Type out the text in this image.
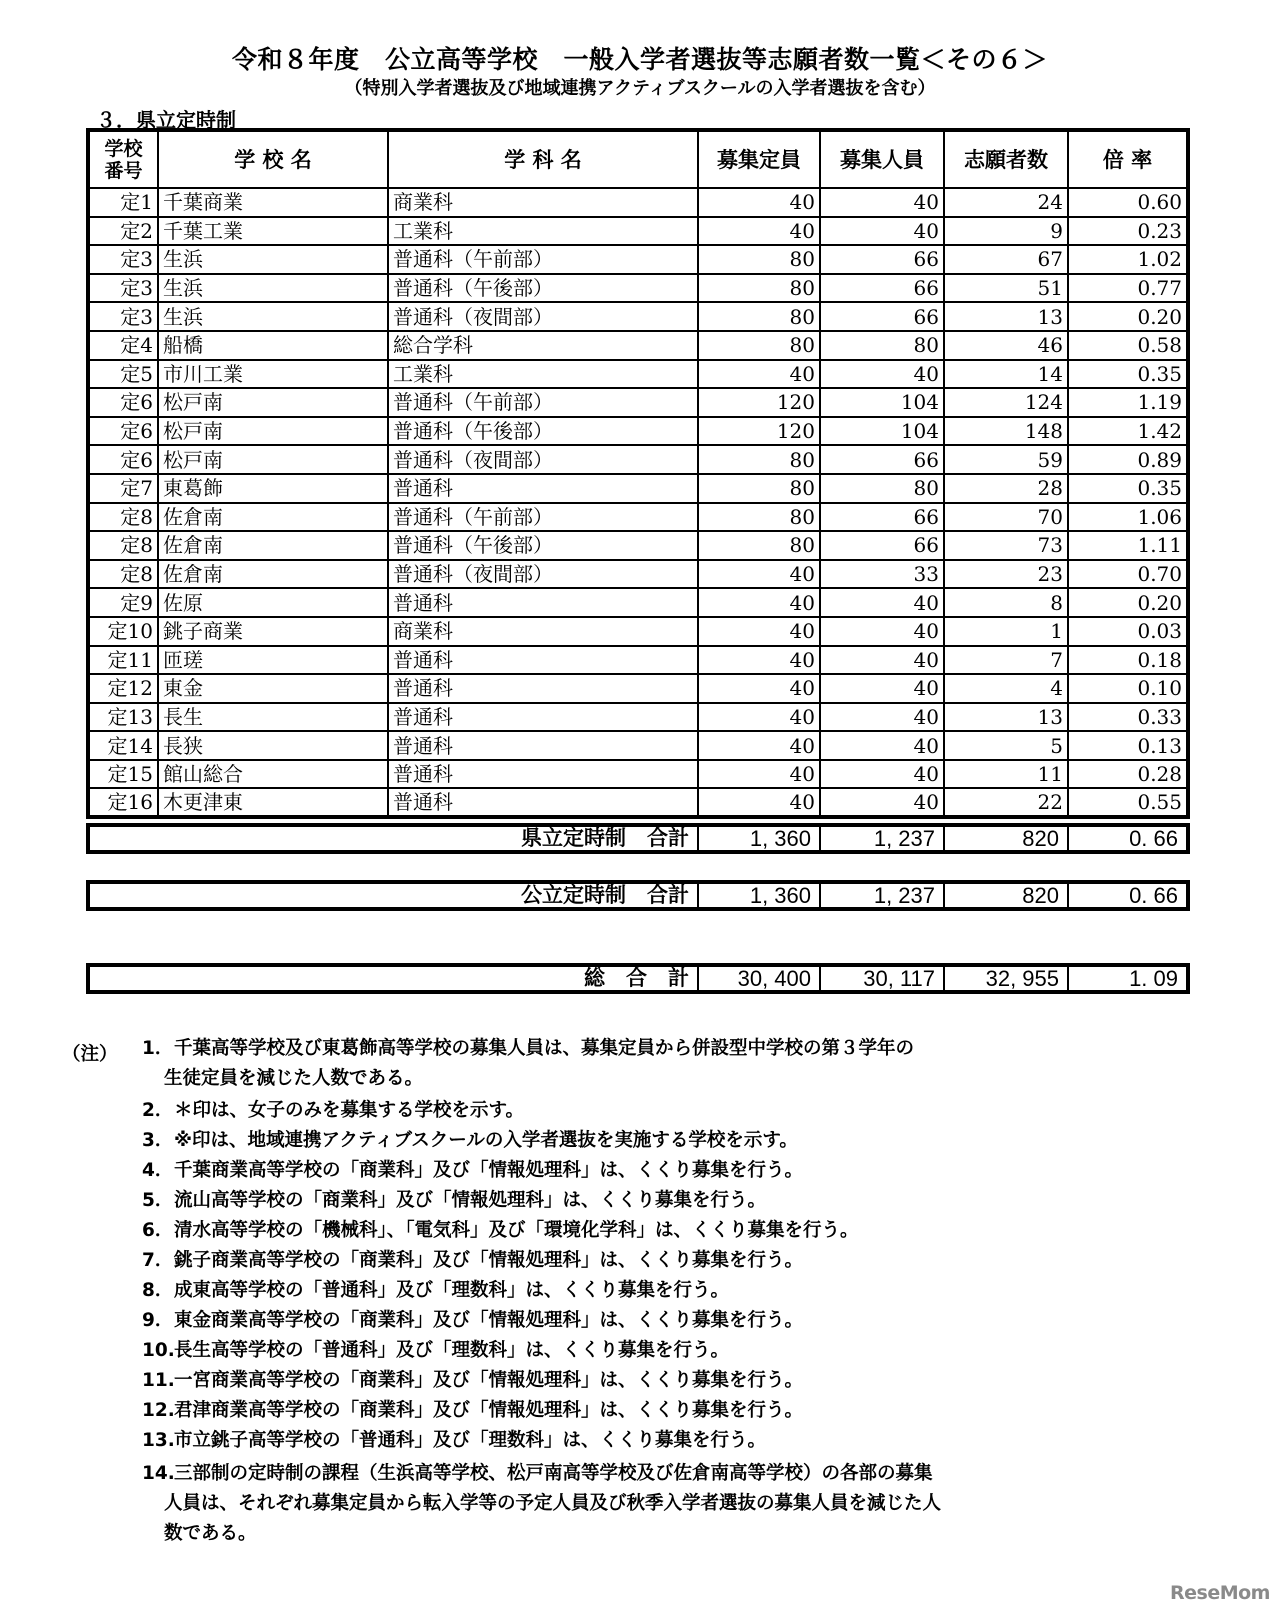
令和８年度　公立高等学校　一般入学者選抜等志願者数一覧＜その６＞
（特別入学者選抜及び地域連携アクティブスクールの入学者選抜を含む）
３．県立定時制
学校
番号	学 校 名	学 科 名	募集定員	募集人員	志願者数	倍 率
定1	千葉商業	商業科	40	40	24	0.60
定2	千葉工業	工業科	40	40	9	0.23
定3	生浜	普通科（午前部）	80	66	67	1.02
定3	生浜	普通科（午後部）	80	66	51	0.77
定3	生浜	普通科（夜間部）	80	66	13	0.20
定4	船橋	総合学科	80	80	46	0.58
定5	市川工業	工業科	40	40	14	0.35
定6	松戸南	普通科（午前部）	120	104	124	1.19
定6	松戸南	普通科（午後部）	120	104	148	1.42
定6	松戸南	普通科（夜間部）	80	66	59	0.89
定7	東葛飾	普通科	80	80	28	0.35
定8	佐倉南	普通科（午前部）	80	66	70	1.06
定8	佐倉南	普通科（午後部）	80	66	73	1.11
定8	佐倉南	普通科（夜間部）	40	33	23	0.70
定9	佐原	普通科	40	40	8	0.20
定10	銚子商業	商業科	40	40	1	0.03
定11	匝瑳	普通科	40	40	7	0.18
定12	東金	普通科	40	40	4	0.10
定13	長生	普通科	40	40	13	0.33
定14	長狭	普通科	40	40	5	0.13
定15	館山総合	普通科	40	40	11	0.28
定16	木更津東	普通科	40	40	22	0.55
県立定時制　合計	1, 360	1, 237	820	0. 66
公立定時制　合計	1, 360	1, 237	820	0. 66
総　合　計	30, 400	30, 117	32, 955	1. 09
（注） 1．千葉高等学校及び東葛飾高等学校の募集人員は、募集定員から併設型中学校の第３学年の
生徒定員を減じた人数である。
2．＊印は、女子のみを募集する学校を示す。
3．※印は、地域連携アクティブスクールの入学者選抜を実施する学校を示す。
4．千葉商業高等学校の「商業科」及び「情報処理科」は、くくり募集を行う。
5．流山高等学校の「商業科」及び「情報処理科」は、くくり募集を行う。
6．清水高等学校の「機械科」、「電気科」及び「環境化学科」は、くくり募集を行う。
7．銚子商業高等学校の「商業科」及び「情報処理科」は、くくり募集を行う。
8．成東高等学校の「普通科」及び「理数科」は、くくり募集を行う。
9．東金商業高等学校の「商業科」及び「情報処理科」は、くくり募集を行う。
10.長生高等学校の「普通科」及び「理数科」は、くくり募集を行う。
11.一宮商業高等学校の「商業科」及び「情報処理科」は、くくり募集を行う。
12.君津商業高等学校の「商業科」及び「情報処理科」は、くくり募集を行う。
13.市立銚子高等学校の「普通科」及び「理数科」は、くくり募集を行う。
14.三部制の定時制の課程（生浜高等学校、松戸南高等学校及び佐倉南高等学校）の各部の募集
人員は、それぞれ募集定員から転入学等の予定人員及び秋季入学者選抜の募集人員を減じた人
数である。
ReseMom
